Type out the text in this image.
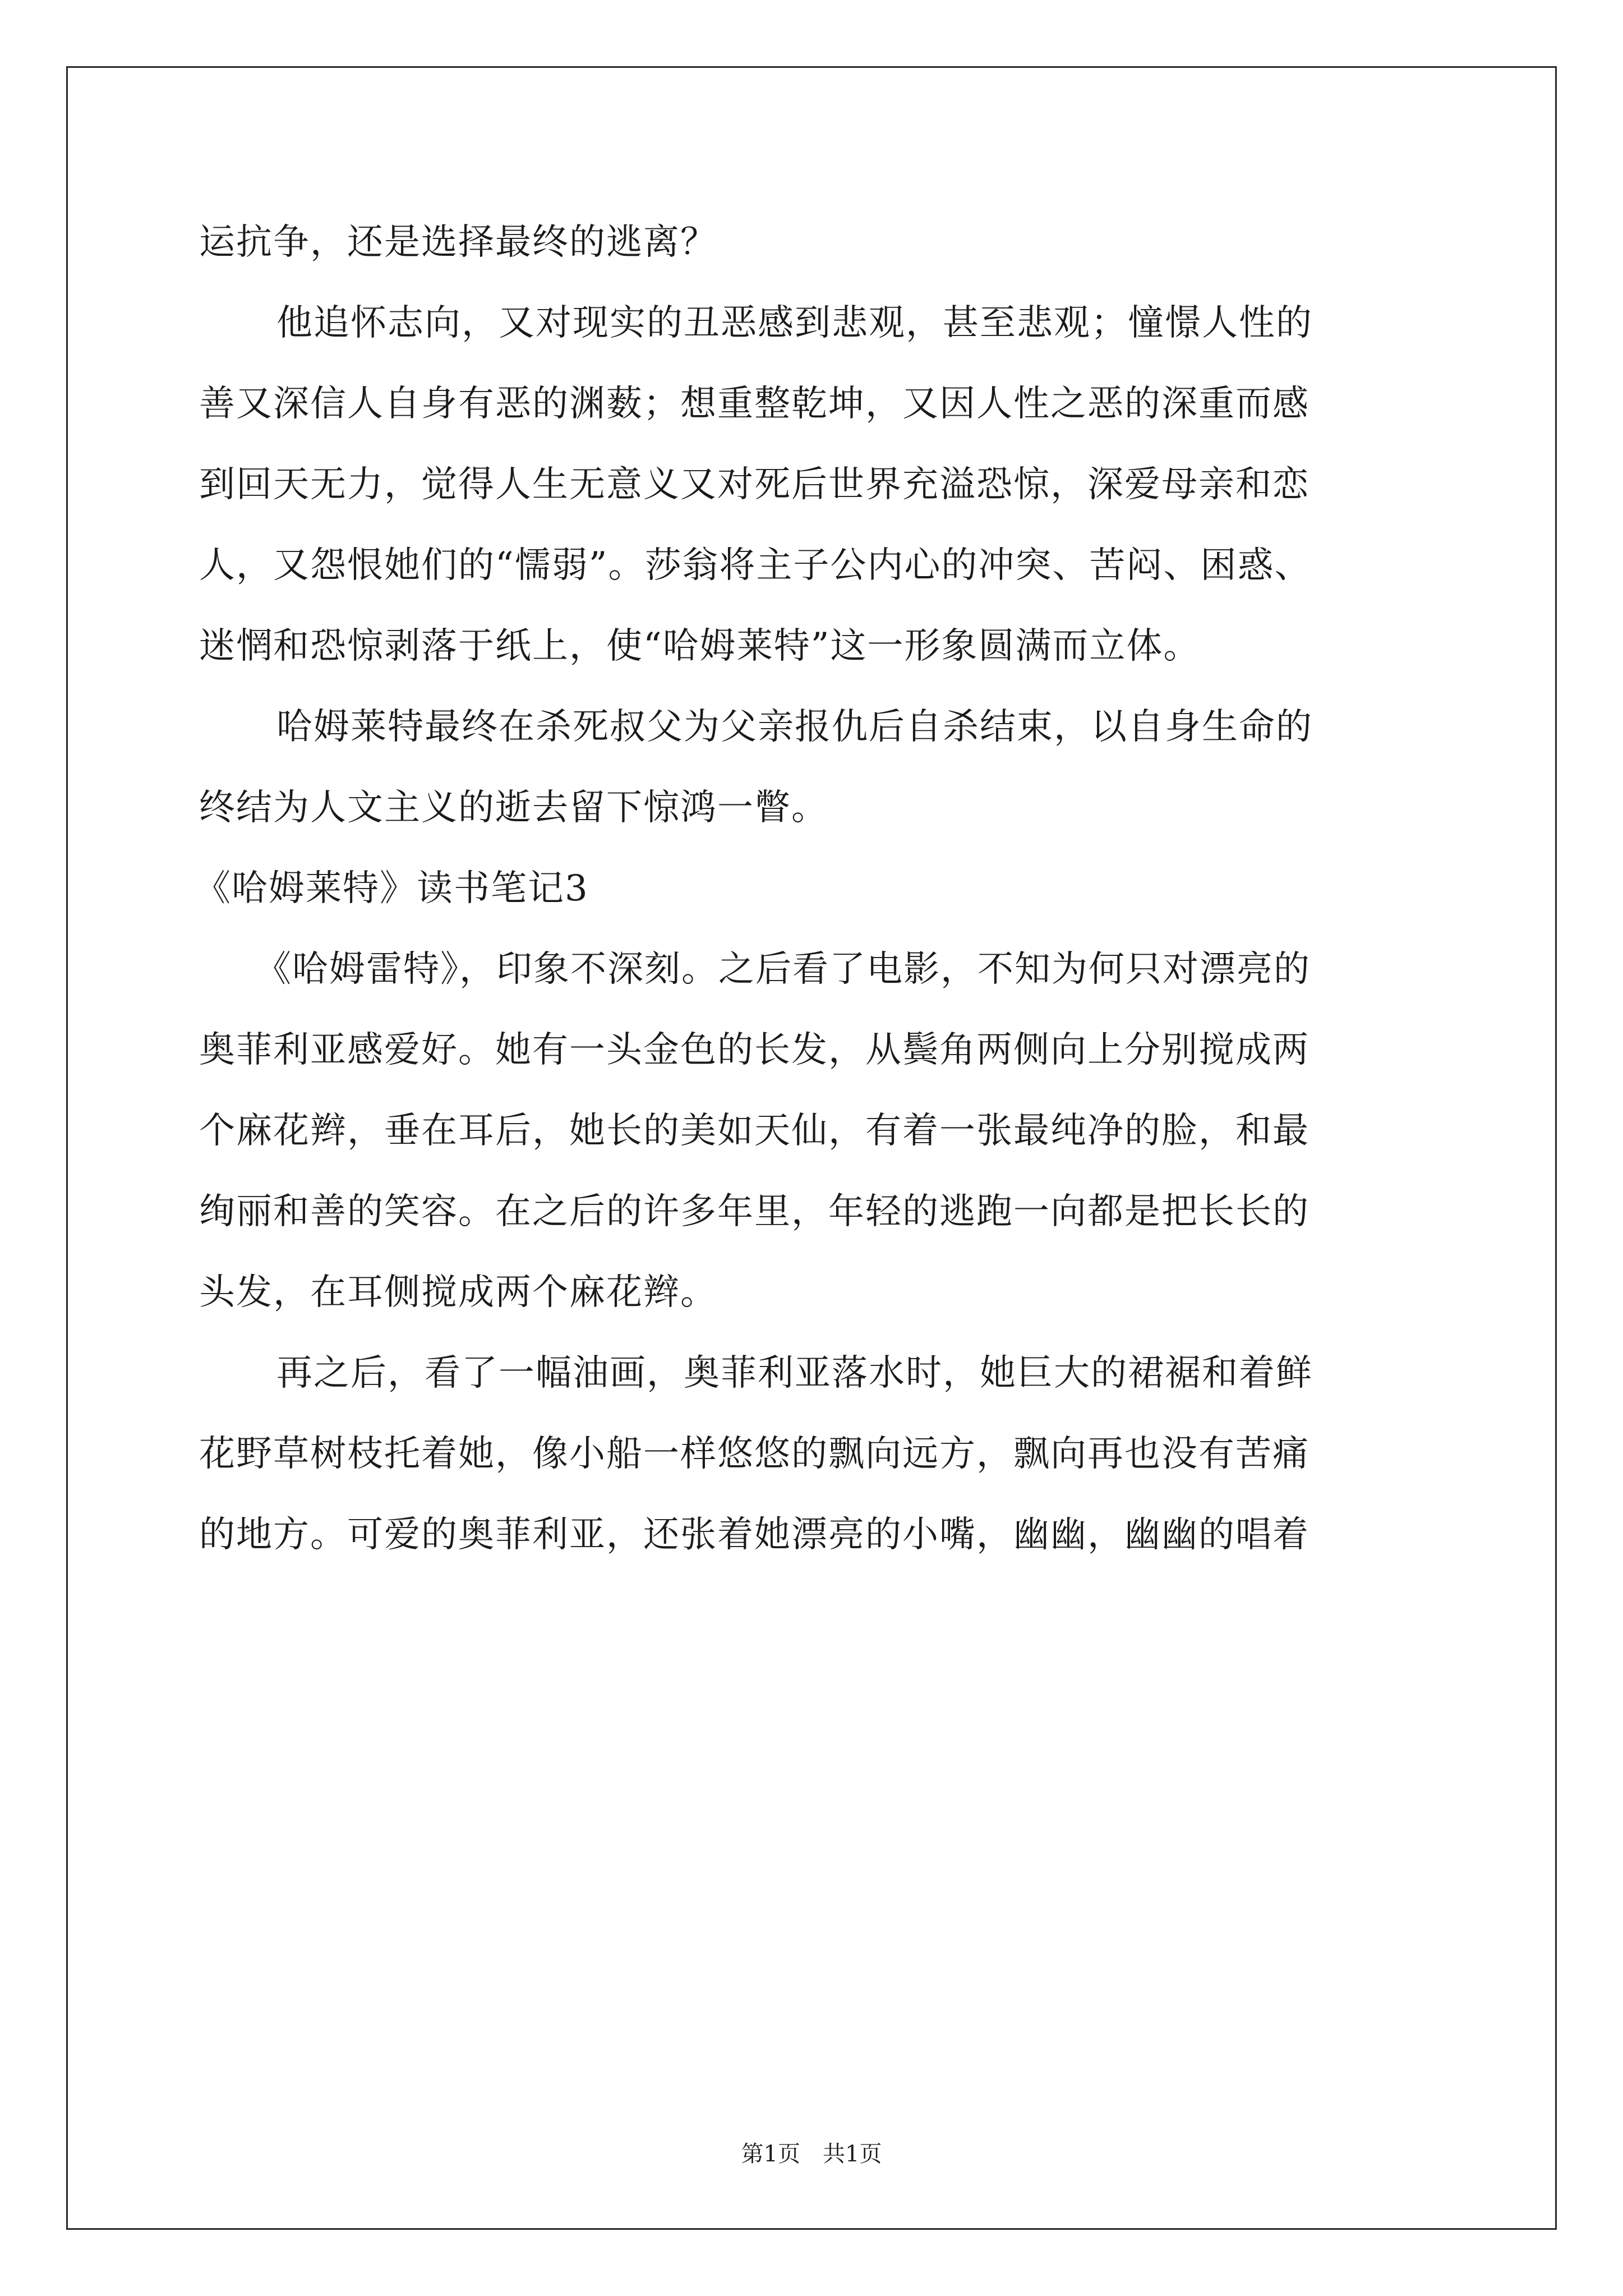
运抗争，还是选择最终的逃离？
他追怀志向，又对现实的丑恶感到悲观，甚至悲观；憧憬人性的
善又深信人自身有恶的渊薮；想重整乾坤，又因人性之恶的深重而感
到回天无力，觉得人生无意义又对死后世界充溢恐惊，深爱母亲和恋
人，又怨恨她们的“懦弱”。莎翁将主子公内心的冲突、苦闷、困惑、
迷惘和恐惊剥落于纸上，使“哈姆莱特”这一形象圆满而立体。
哈姆莱特最终在杀死叔父为父亲报仇后自杀结束，以自身生命的
终结为人文主义的逝去留下惊鸿一瞥。
《哈姆莱特》读书笔记3
《哈姆雷特》，印象不深刻。之后看了电影，不知为何只对漂亮的
奥菲利亚感爱好。她有一头金色的长发，从鬓角两侧向上分别搅成两
个麻花辫，垂在耳后，她长的美如天仙，有着一张最纯净的脸，和最
绚丽和善的笑容。在之后的许多年里，年轻的逃跑一向都是把长长的
头发，在耳侧搅成两个麻花辫。
再之后，看了一幅油画，奥菲利亚落水时，她巨大的裙裾和着鲜
花野草树枝托着她，像小船一样悠悠的飘向远方，飘向再也没有苦痛
的地方。可爱的奥菲利亚，还张着她漂亮的小嘴，幽幽，幽幽的唱着
第1页　共1页
